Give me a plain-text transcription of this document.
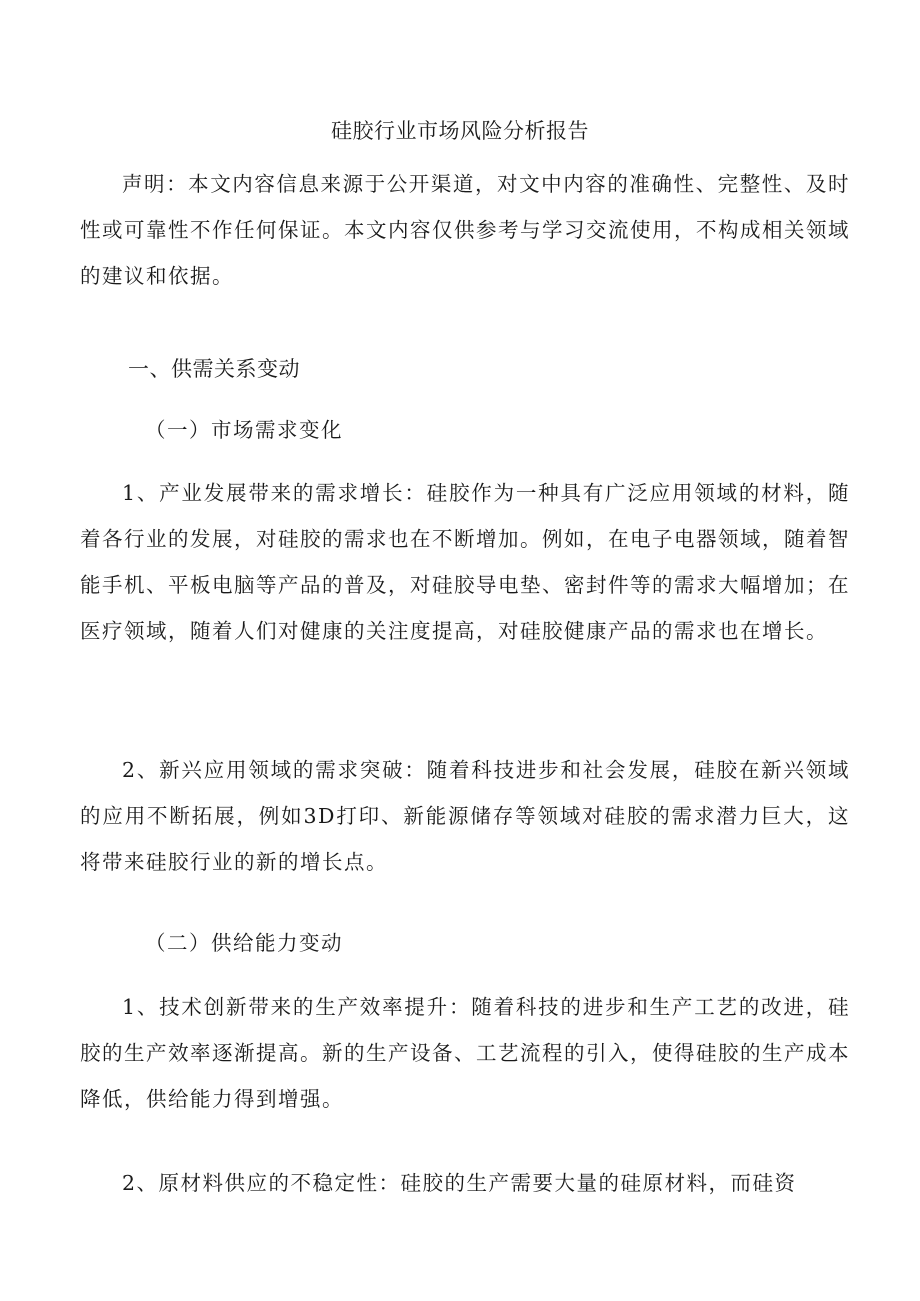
硅胶行业市场风险分析报告

声明：本文内容信息来源于公开渠道，对文中内容的准确性、完整性、及时性或可靠性不作任何保证。本文内容仅供参考与学习交流使用，不构成相关领域的建议和依据。

一、供需关系变动
（一）市场需求变化

1、产业发展带来的需求增长：硅胶作为一种具有广泛应用领域的材料，随着各行业的发展，对硅胶的需求也在不断增加。例如，在电子电器领域，随着智能手机、平板电脑等产品的普及，对硅胶导电垫、密封件等的需求大幅增加；在医疗领域，随着人们对健康的关注度提高，对硅胶健康产品的需求也在增长。

2、新兴应用领域的需求突破：随着科技进步和社会发展，硅胶在新兴领域的应用不断拓展，例如3D打印、新能源储存等领域对硅胶的需求潜力巨大，这将带来硅胶行业的新的增长点。

（二）供给能力变动

1、技术创新带来的生产效率提升：随着科技的进步和生产工艺的改进，硅胶的生产效率逐渐提高。新的生产设备、工艺流程的引入，使得硅胶的生产成本降低，供给能力得到增强。

2、原材料供应的不稳定性：硅胶的生产需要大量的硅原材料，而硅资
